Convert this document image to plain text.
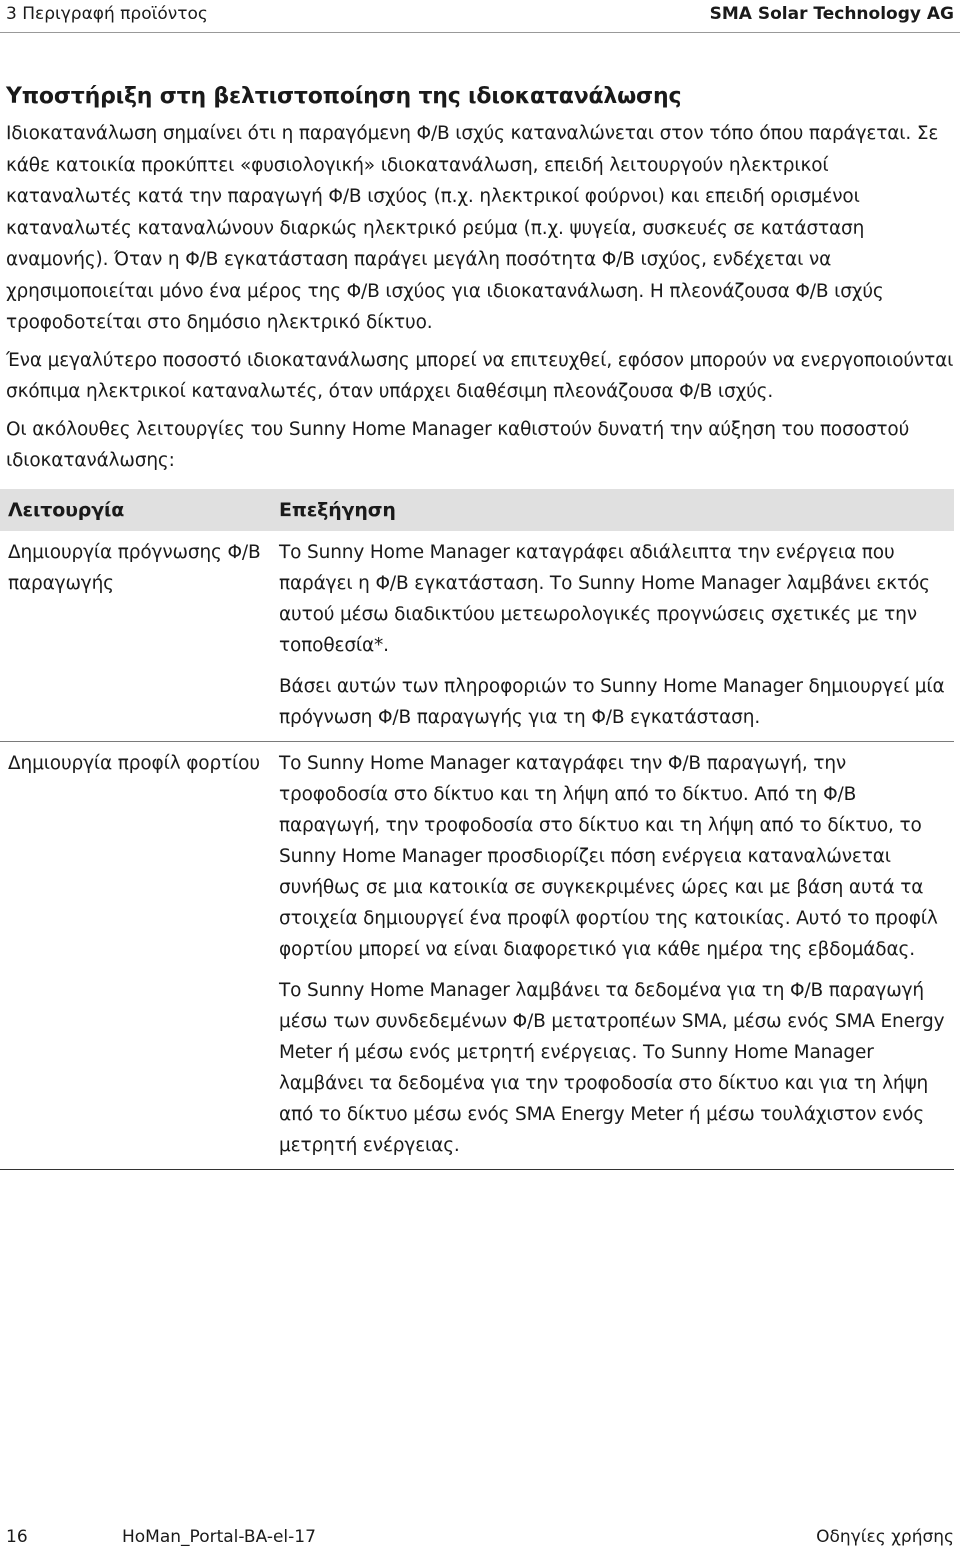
3 Περιγραφή προϊόντος	SMA Solar Technology AG
Υποστήριξη στη βελτιστοποίηση της ιδιοκατανάλωσης

Ιδιοκατανάλωση σημαίνει ότι η παραγόμενη Φ/Β ισχύς καταναλώνεται στον τόπο όπου παράγεται. Σε κάθε κατοικία προκύπτει «φυσιολογική» ιδιοκατανάλωση, επειδή λειτουργούν ηλεκτρικοί καταναλωτές κατά την παραγωγή Φ/Β ισχύος (π.χ. ηλεκτρικοί φούρνοι) και επειδή ορισμένοι καταναλωτές καταναλώνουν διαρκώς ηλεκτρικό ρεύμα (π.χ. ψυγεία, συσκευές σε κατάσταση αναμονής). Όταν η Φ/Β εγκατάσταση παράγει μεγάλη ποσότητα Φ/Β ισχύος, ενδέχεται να χρησιμοποιείται μόνο ένα μέρος της Φ/Β ισχύος για ιδιοκατανάλωση. Η πλεονάζουσα Φ/Β ισχύς τροφοδοτείται στο δημόσιο ηλεκτρικό δίκτυο.

Ένα μεγαλύτερο ποσοστό ιδιοκατανάλωσης μπορεί να επιτευχθεί, εφόσον μπορούν να ενεργοποιούνται σκόπιμα ηλεκτρικοί καταναλωτές, όταν υπάρχει διαθέσιμη πλεονάζουσα Φ/Β ισχύς.

Οι ακόλουθες λειτουργίες του Sunny Home Manager καθιστούν δυνατή την αύξηση του ποσοστού ιδιοκατανάλωσης:

Λειτουργία	Επεξήγηση
Δημιουργία πρόγνωσης Φ/Β παραγωγής	Το Sunny Home Manager καταγράφει αδιάλειπτα την ενέργεια που παράγει η Φ/Β εγκατάσταση. Το Sunny Home Manager λαμβάνει εκτός αυτού μέσω διαδικτύου μετεωρολογικές προγνώσεις σχετικές με την τοποθεσία*.

Βάσει αυτών των πληροφοριών το Sunny Home Manager δημιουργεί μία πρόγνωση Φ/Β παραγωγής για τη Φ/Β εγκατάσταση.

Δημιουργία προφίλ φορτίου	Το Sunny Home Manager καταγράφει την Φ/Β παραγωγή, την τροφοδοσία στο δίκτυο και τη λήψη από το δίκτυο. Από τη Φ/Β παραγωγή, την τροφοδοσία στο δίκτυο και τη λήψη από το δίκτυο, το Sunny Home Manager προσδιορίζει πόση ενέργεια καταναλώνεται συνήθως σε μια κατοικία σε συγκεκριμένες ώρες και με βάση αυτά τα στοιχεία δημιουργεί ένα προφίλ φορτίου της κατοικίας. Αυτό το προφίλ φορτίου μπορεί να είναι διαφορετικό για κάθε ημέρα της εβδομάδας.

Το Sunny Home Manager λαμβάνει τα δεδομένα για τη Φ/Β παραγωγή μέσω των συνδεδεμένων Φ/Β μετατροπέων SMA, μέσω ενός SMA Energy Meter ή μέσω ενός μετρητή ενέργειας. Το Sunny Home Manager λαμβάνει τα δεδομένα για την τροφοδοσία στο δίκτυο και για τη λήψη από το δίκτυο μέσω ενός SMA Energy Meter ή μέσω τουλάχιστον ενός μετρητή ενέργειας.

16	HoMan_Portal-BA-el-17	Οδηγίες χρήσης
